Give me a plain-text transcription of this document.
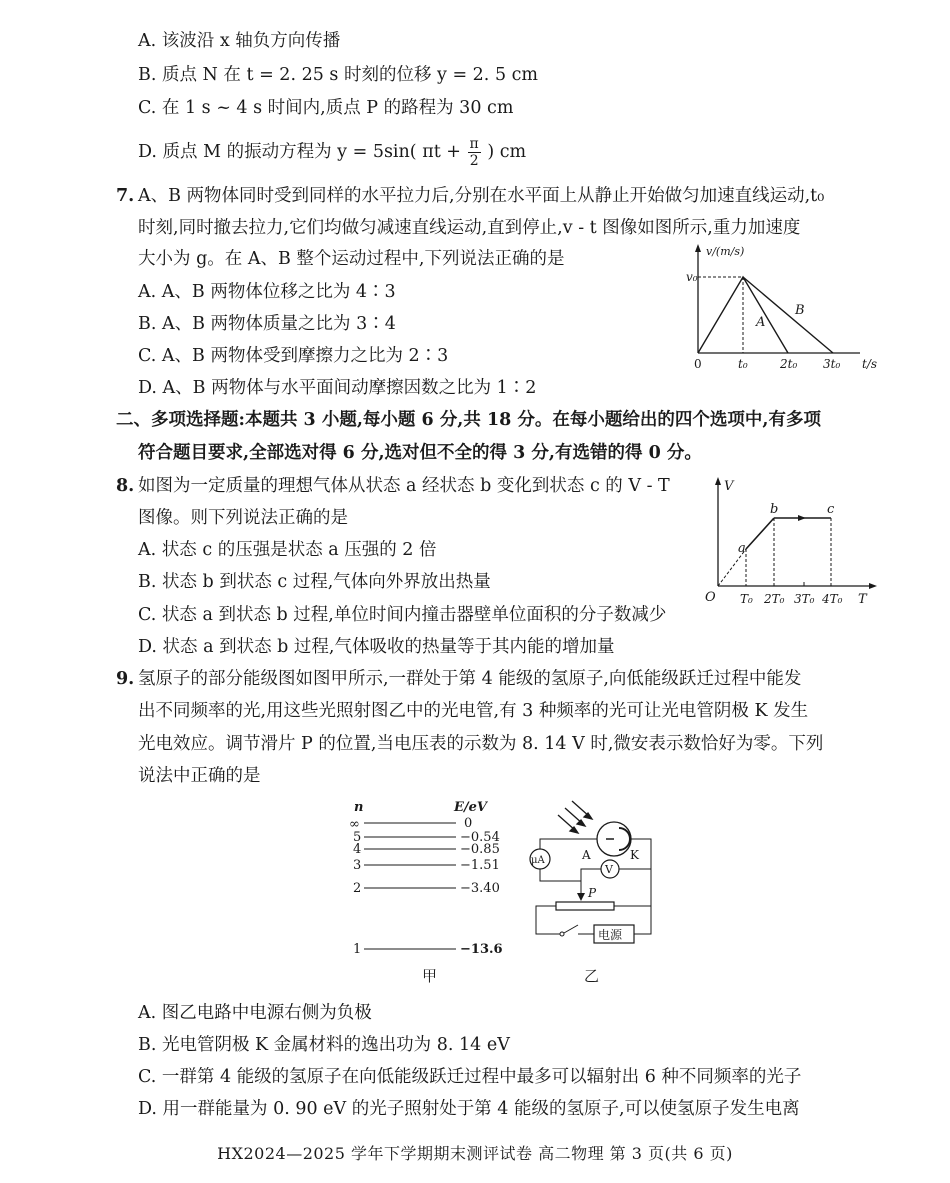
A. 该波沿 x 轴负方向传播
B. 质点 N 在 t = 2. 25 s 时刻的位移 y = 2. 5 cm
C. 在 1 s ~ 4 s 时间内,质点 P 的路程为 30 cm
D. 质点 M 的振动方程为 y = 5sin( $\pi t + \frac{\pi}{2}$ ) cm
7. A、B 两物体同时受到同样的水平拉力后,分别在水平面上从静止开始做匀加速直线运动,t₀
时刻,同时撤去拉力,它们均做匀减速直线运动,直到停止,v - t 图像如图所示,重力加速度
大小为 g。在 A、B 整个运动过程中,下列说法正确的是
A. A、B 两物体位移之比为 4∶3
B. A、B 两物体质量之比为 3∶4
C. A、B 两物体受到摩擦力之比为 2∶3
D. A、B 两物体与水平面间动摩擦因数之比为 1∶2
v/(m/s)
v₀
A
B
0	t₀	2t₀ 3t₀ t/s
二、多项选择题:本题共 3 小题,每小题 6 分,共 18 分。在每小题给出的四个选项中,有多项
符合题目要求,全部选对得 6 分,选对但不全的得 3 分,有选错的得 0 分。
8. 如图为一定质量的理想气体从状态 a 经状态 b 变化到状态 c 的 V - T
图像。则下列说法正确的是
A. 状态 c 的压强是状态 a 压强的 2 倍
B. 状态 b 到状态 c 过程,气体向外界放出热量
C. 状态 a 到状态 b 过程,单位时间内撞击器壁单位面积的分子数减少
D. 状态 a 到状态 b 过程,气体吸收的热量等于其内能的增加量
V
a
b	c
O T₀ 2T₀ 3T₀ 4T₀ T
9. 氢原子的部分能级图如图甲所示,一群处于第 4 能级的氢原子,向低能级跃迁过程中能发
出不同频率的光,用这些光照射图乙中的光电管,有 3 种频率的光可让光电管阴极 K 发生
光电效应。调节滑片 P 的位置,当电压表的示数为 8. 14 V 时,微安表示数恰好为零。下列
说法中正确的是
n	E/eV
∞	0
5	−0.54
4	−0.85
3	−1.51
2	−3.40
1	−13.6
甲
A	K
μA
V
P
电源
乙
A. 图乙电路中电源右侧为负极
B. 光电管阴极 K 金属材料的逸出功为 8. 14 eV
C. 一群第 4 能级的氢原子在向低能级跃迁过程中最多可以辐射出 6 种不同频率的光子
D. 用一群能量为 0. 90 eV 的光子照射处于第 4 能级的氢原子,可以使氢原子发生电离
HX2024—2025 学年下学期期末测评试卷 高二物理 第 3 页(共 6 页)
